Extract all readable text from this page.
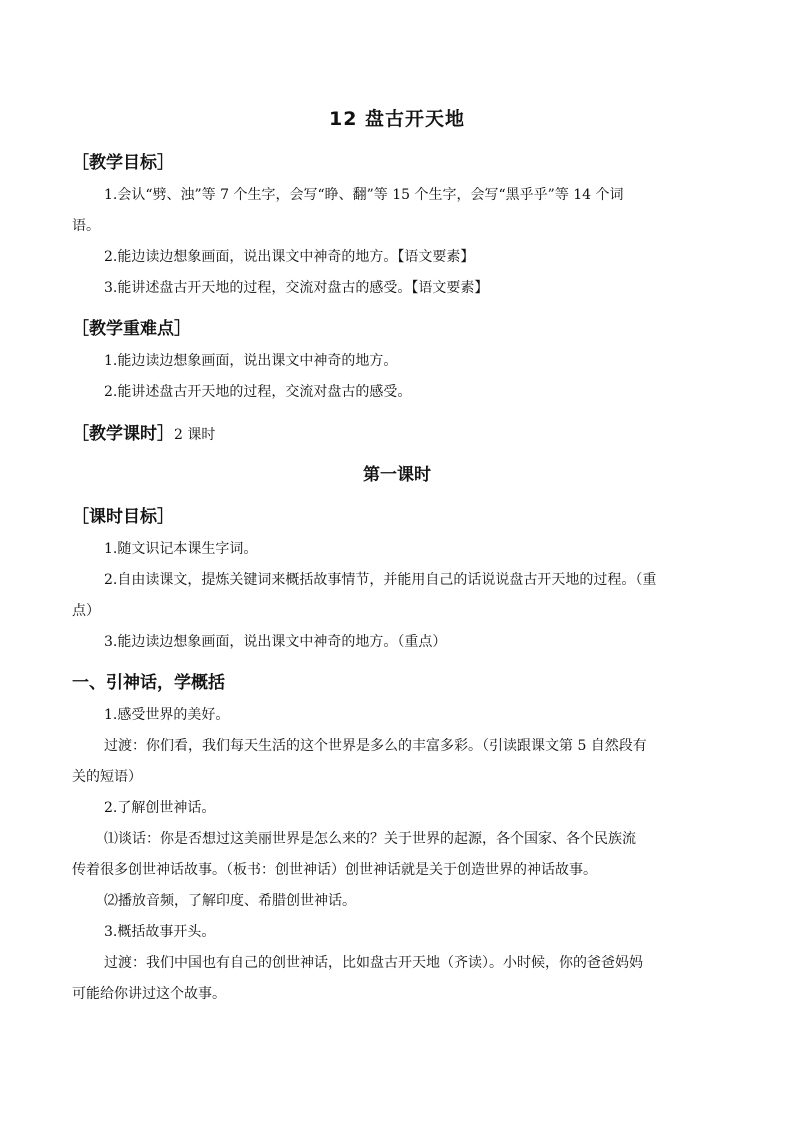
12 盘古开天地
［教学目标］
1.会认“劈、浊”等 7 个生字，会写“睁、翻”等 15 个生字，会写“黑乎乎”等 14 个词
语。
2.能边读边想象画面，说出课文中神奇的地方。【语文要素】
3.能讲述盘古开天地的过程，交流对盘古的感受。【语文要素】
［教学重难点］
1.能边读边想象画面，说出课文中神奇的地方。
2.能讲述盘古开天地的过程，交流对盘古的感受。
［教学课时］2 课时
第一课时
［课时目标］
1.随文识记本课生字词。
2.自由读课文，提炼关键词来概括故事情节，并能用自己的话说说盘古开天地的过程。（重
点）
3.能边读边想象画面，说出课文中神奇的地方。（重点）
一、引神话，学概括
1.感受世界的美好。
过渡：你们看，我们每天生活的这个世界是多么的丰富多彩。（引读跟课文第 5 自然段有
关的短语）
2.了解创世神话。
⑴谈话：你是否想过这美丽世界是怎么来的？关于世界的起源，各个国家、各个民族流
传着很多创世神话故事。（板书：创世神话）创世神话就是关于创造世界的神话故事。
⑵播放音频，了解印度、希腊创世神话。
3.概括故事开头。
过渡：我们中国也有自己的创世神话，比如盘古开天地（齐读）。小时候，你的爸爸妈妈
可能给你讲过这个故事。
